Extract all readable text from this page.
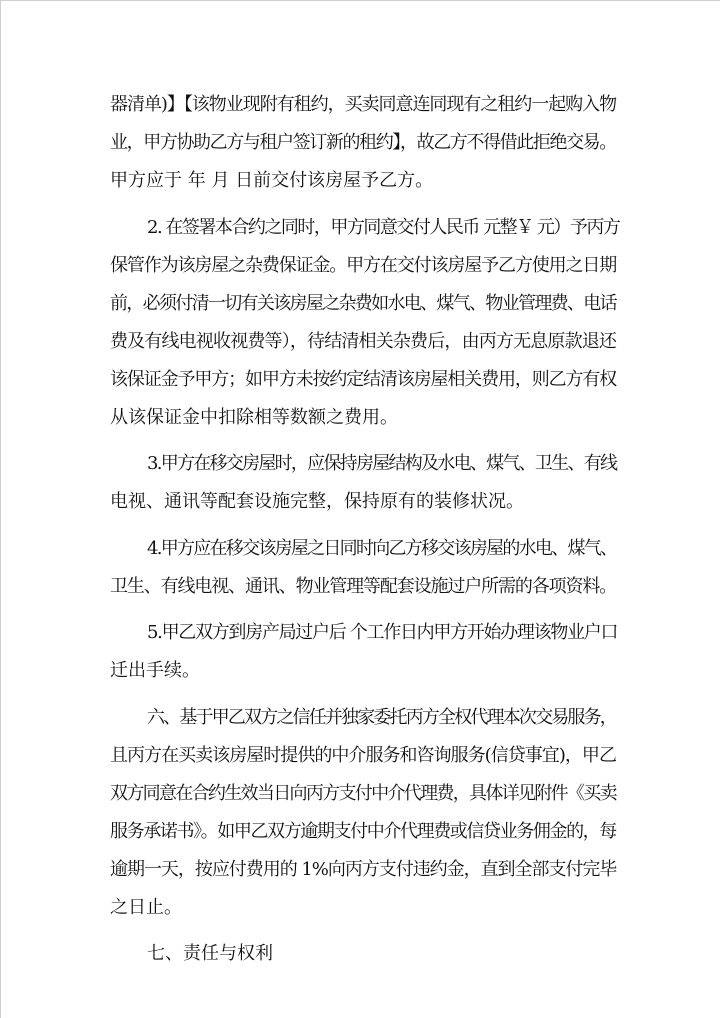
器清单)】【该物业现附有租约，买卖同意连同现有之租约一起购入物
业，甲方协助乙方与租户签订新的租约】，故乙方不得借此拒绝交易。
甲方应于 年 月 日前交付该房屋予乙方。
2. 在签署本合约之同时，甲方同意交付人民币 元整￥ 元）予丙方
保管作为该房屋之杂费保证金。甲方在交付该房屋予乙方使用之日期
前，必须付清一切有关该房屋之杂费如水电、煤气、物业管理费、电话
费及有线电视收视费等），待结清相关杂费后，由丙方无息原款退还
该保证金予甲方；如甲方未按约定结清该房屋相关费用，则乙方有权
从该保证金中扣除相等数额之费用。
3.甲方在移交房屋时，应保持房屋结构及水电、煤气、卫生、有线
电视、通讯等配套设施完整，保持原有的装修状况。
4.甲方应在移交该房屋之日同时向乙方移交该房屋的水电、煤气、
卫生、有线电视、通讯、物业管理等配套设施过户所需的各项资料。
5.甲乙双方到房产局过户后 个工作日内甲方开始办理该物业户口
迁出手续。
六、基于甲乙双方之信任并独家委托丙方全权代理本次交易服务，
且丙方在买卖该房屋时提供的中介服务和咨询服务(信贷事宜)，甲乙
双方同意在合约生效当日向丙方支付中介代理费，具体详见附件《买卖
服务承诺书》。如甲乙双方逾期支付中介代理费或信贷业务佣金的，每
逾期一天，按应付费用的 1%向丙方支付违约金，直到全部支付完毕
之日止。
七、责任与权利
